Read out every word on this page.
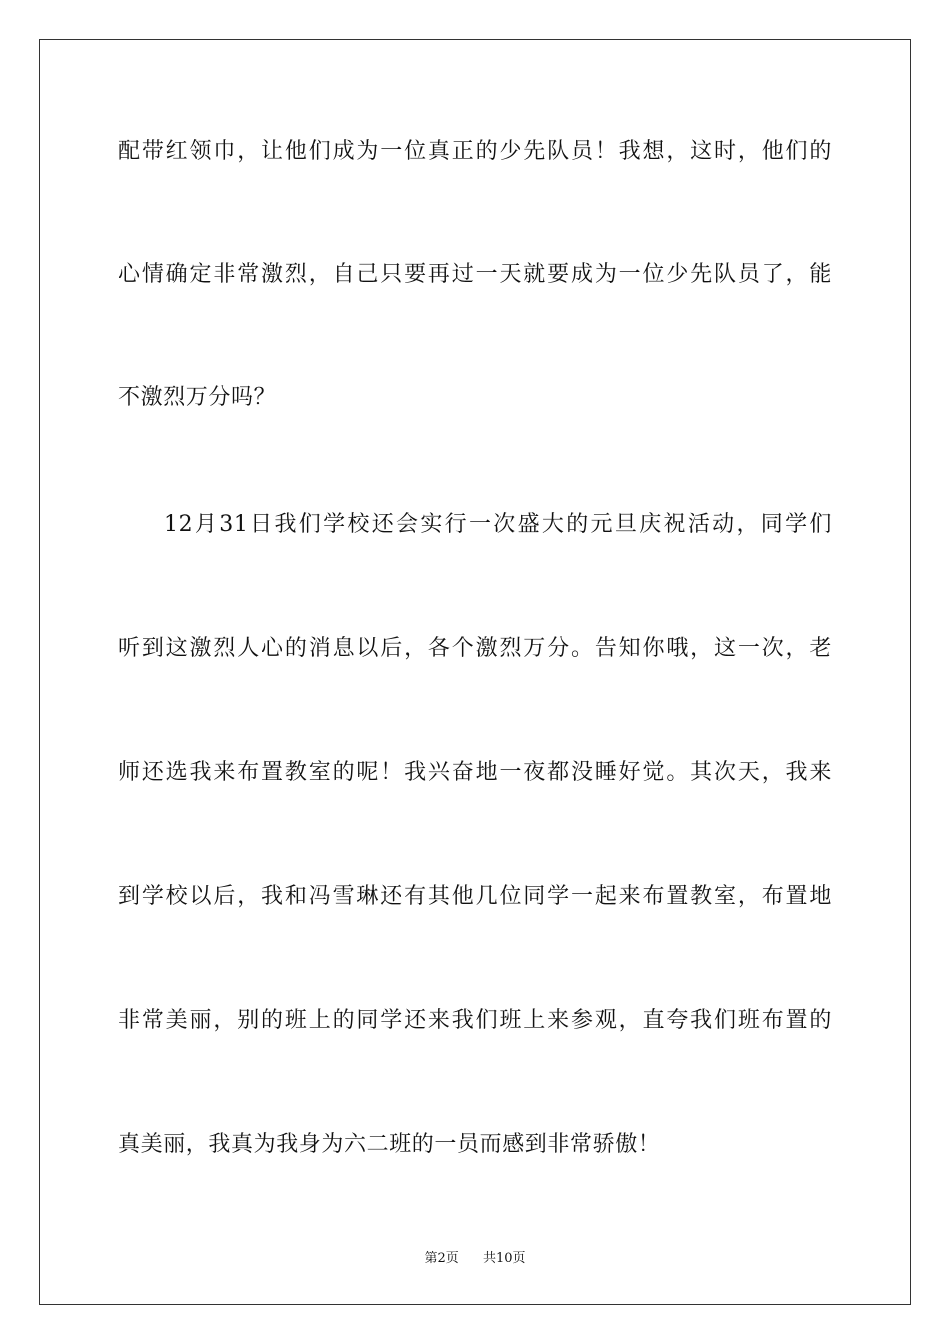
配带红领巾，让他们成为一位真正的少先队员！我想，这时，他们的
心情确定非常激烈，自己只要再过一天就要成为一位少先队员了，能
不激烈万分吗？
12月31日我们学校还会实行一次盛大的元旦庆祝活动，同学们
听到这激烈人心的消息以后，各个激烈万分。告知你哦，这一次，老
师还选我来布置教室的呢！我兴奋地一夜都没睡好觉。其次天，我来
到学校以后，我和冯雪琳还有其他几位同学一起来布置教室，布置地
非常美丽，别的班上的同学还来我们班上来参观，直夸我们班布置的
真美丽，我真为我身为六二班的一员而感到非常骄傲！
第2页 共10页
